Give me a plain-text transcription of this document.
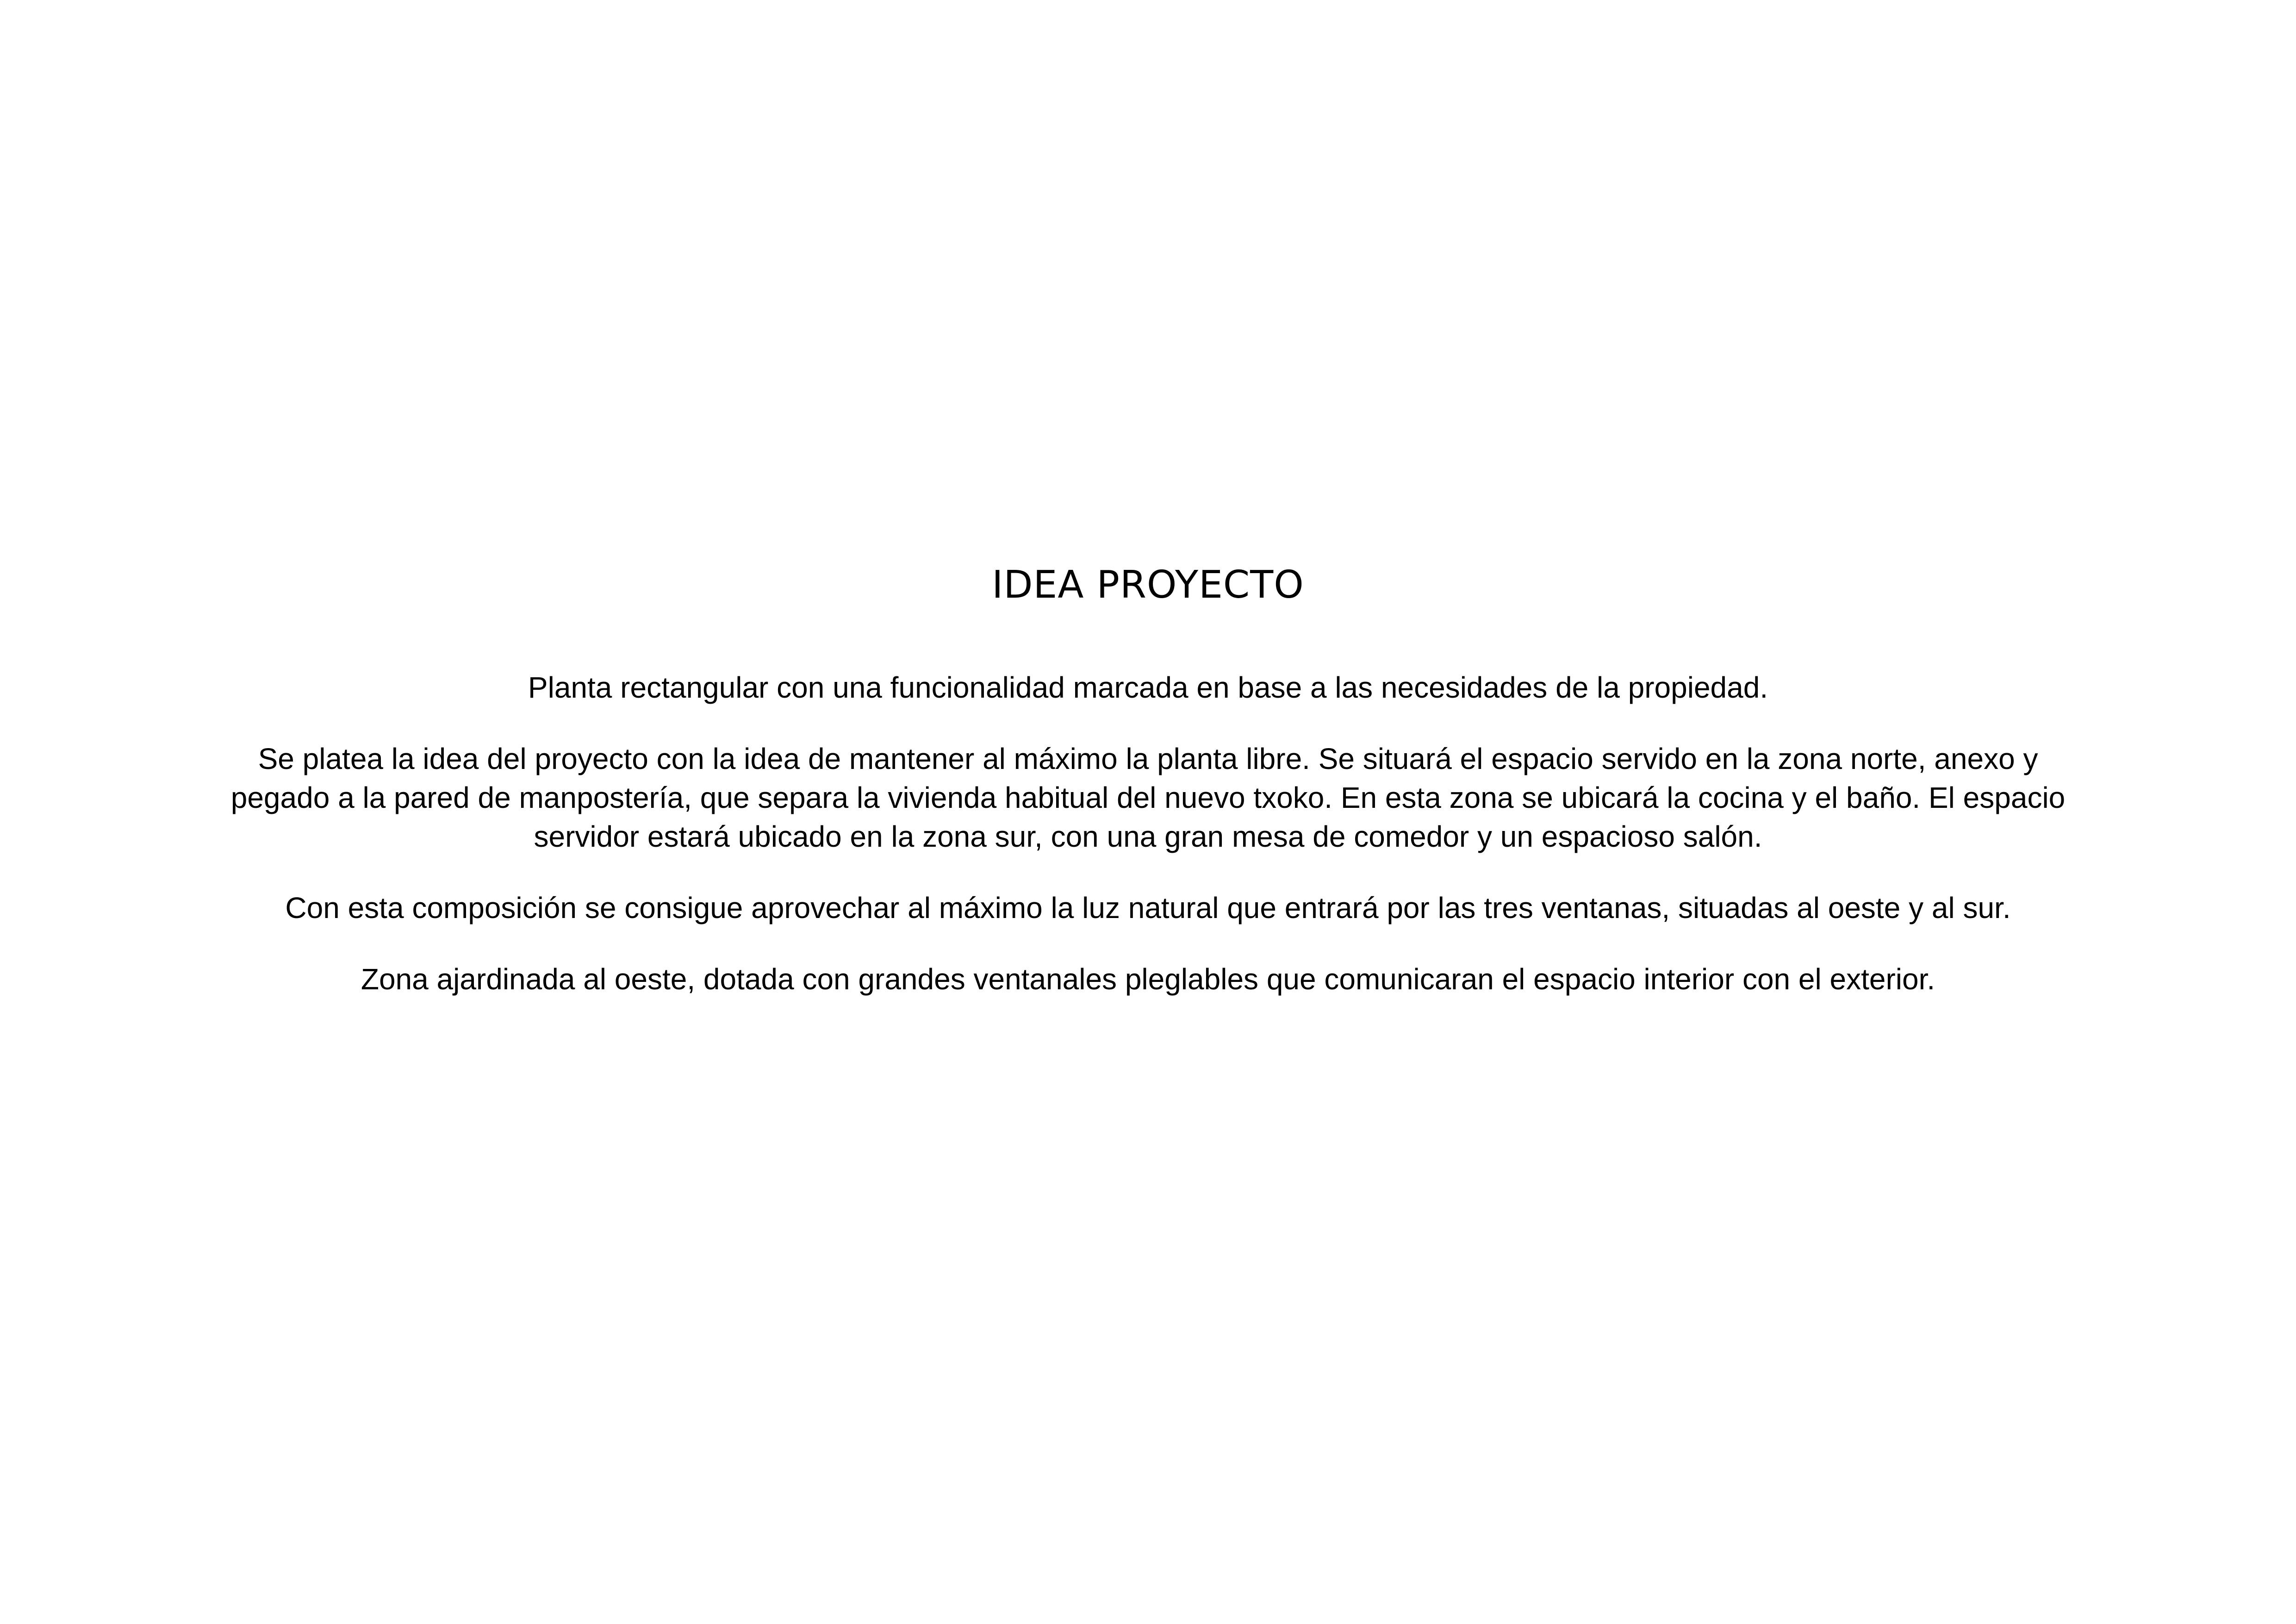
IDEA PROYECTO

Planta rectangular con una funcionalidad marcada en base a las necesidades de la propiedad.

Se platea la idea del proyecto con la idea de mantener al máximo la planta libre. Se situará el espacio servido en la zona norte, anexo y pegado a la pared de manpostería, que separa la vivienda habitual del nuevo txoko. En esta zona se ubicará la cocina y el baño. El espacio servidor estará ubicado en la zona sur, con una gran mesa de comedor y un espacioso salón.

Con esta composición se consigue aprovechar al máximo la luz natural que entrará por las tres ventanas, situadas al oeste y al sur.

Zona ajardinada al oeste, dotada con grandes ventanales pleglables que comunicaran el espacio interior con el exterior.
